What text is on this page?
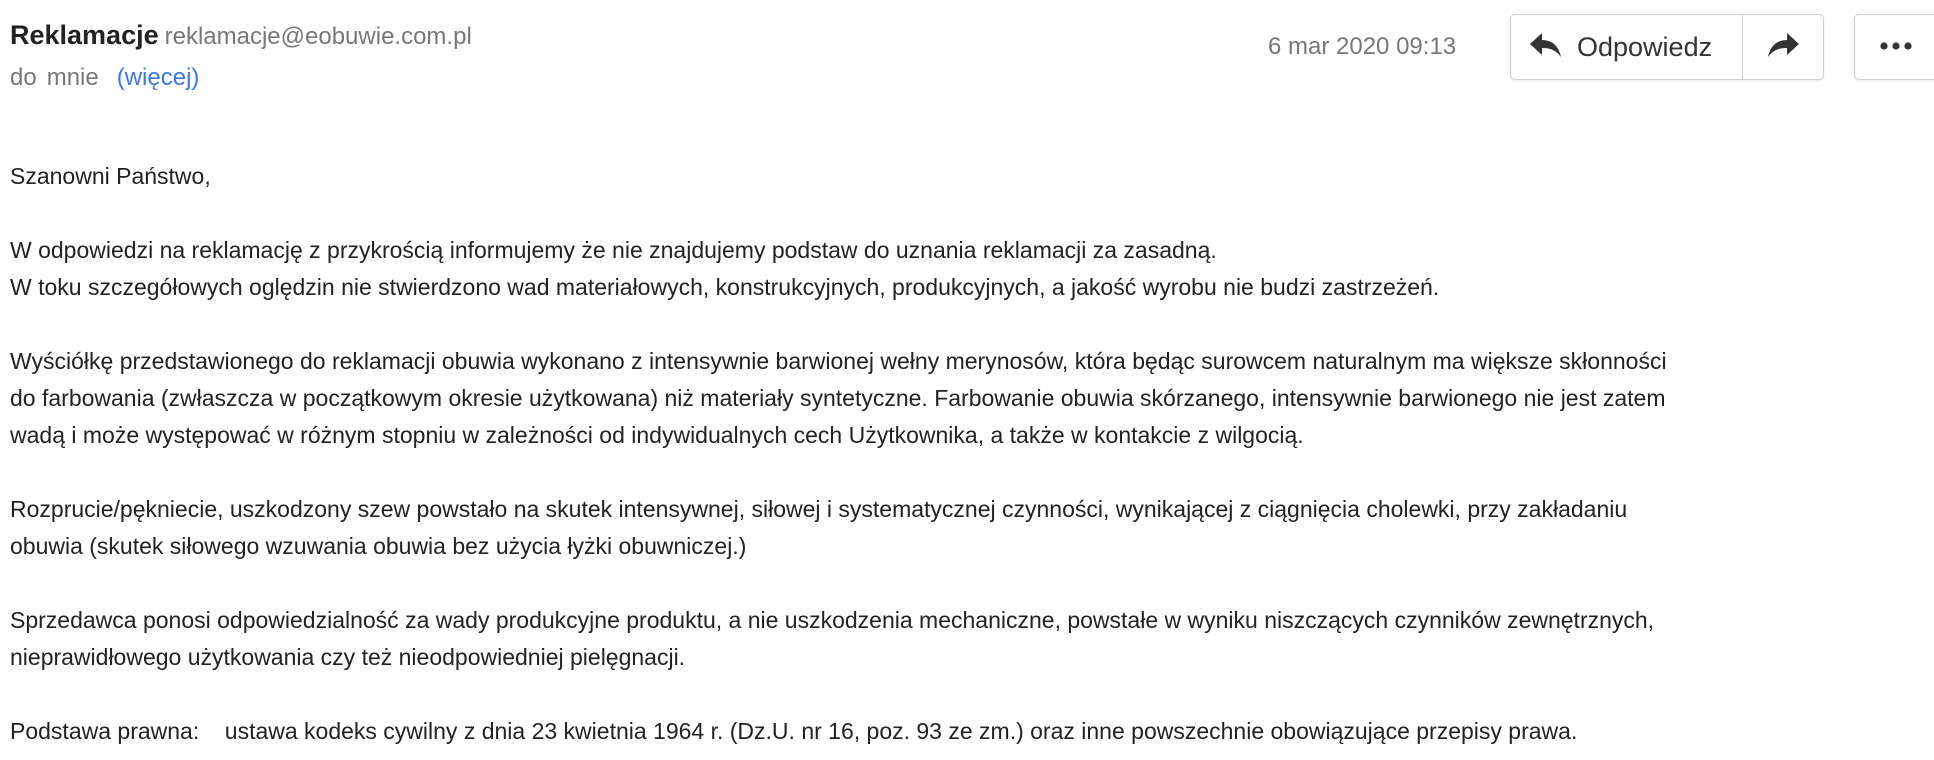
Reklamacje reklamacje@eobuwie.com.pl
do mnie (więcej)
6 mar 2020 09:13	Odpowiedz

Szanowni Państwo,

W odpowiedzi na reklamację z przykrością informujemy że nie znajdujemy podstaw do uznania reklamacji za zasadną.
W toku szczegółowych oględzin nie stwierdzono wad materiałowych, konstrukcyjnych, produkcyjnych, a jakość wyrobu nie budzi zastrzeżeń.

Wyściółkę przedstawionego do reklamacji obuwia wykonano z intensywnie barwionej wełny merynosów, która będąc surowcem naturalnym ma większe skłonności
do farbowania (zwłaszcza w początkowym okresie użytkowana) niż materiały syntetyczne. Farbowanie obuwia skórzanego, intensywnie barwionego nie jest zatem
wadą i może występować w różnym stopniu w zależności od indywidualnych cech Użytkownika, a także w kontakcie z wilgocią.

Rozprucie/pękniecie, uszkodzony szew powstało na skutek intensywnej, siłowej i systematycznej czynności, wynikającej z ciągnięcia cholewki, przy zakładaniu
obuwia (skutek siłowego wzuwania obuwia bez użycia łyżki obuwniczej.)

Sprzedawca ponosi odpowiedzialność za wady produkcyjne produktu, a nie uszkodzenia mechaniczne, powstałe w wyniku niszczących czynników zewnętrznych,
nieprawidłowego użytkowania czy też nieodpowiedniej pielęgnacji.

Podstawa prawna:    ustawa kodeks cywilny z dnia 23 kwietnia 1964 r. (Dz.U. nr 16, poz. 93 ze zm.) oraz inne powszechnie obowiązujące przepisy prawa.
